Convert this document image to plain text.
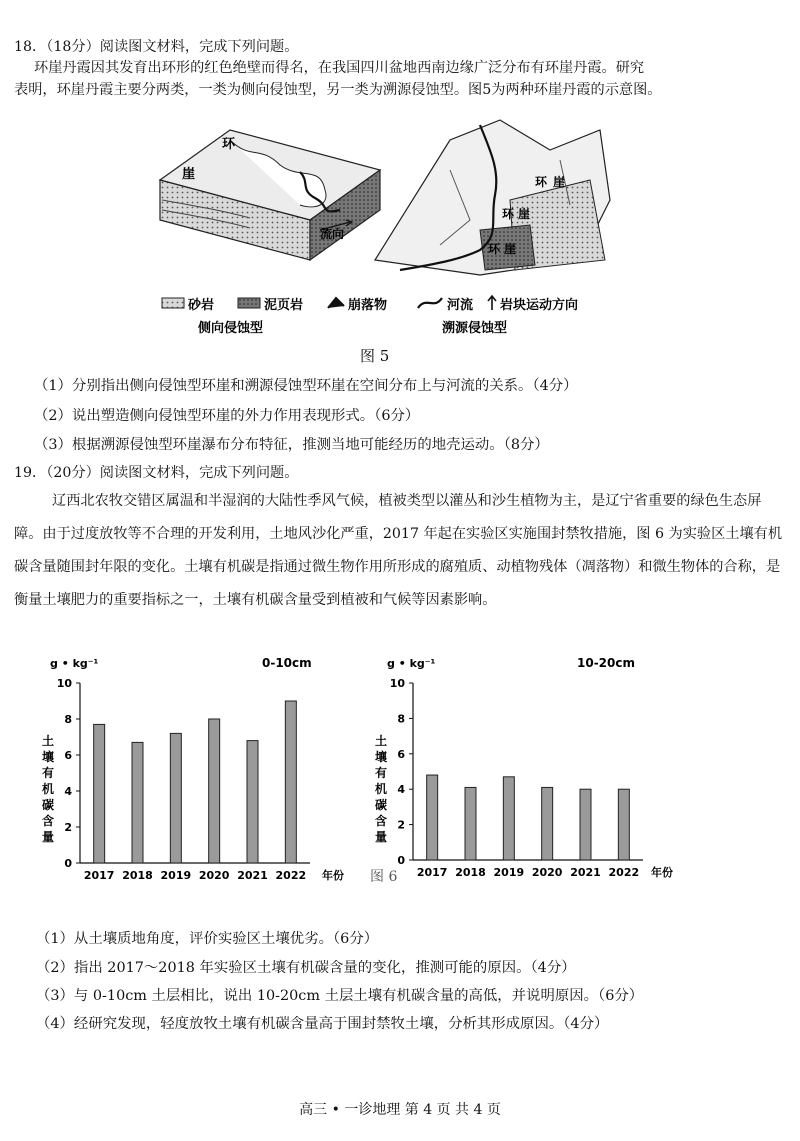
18．（18分）阅读图文材料，完成下列问题。
环崖丹霞因其发育出环形的红色绝壁而得名，在我国四川盆地西南边缘广泛分布有环崖丹霞。研究
表明，环崖丹霞主要分两类，一类为侧向侵蚀型，另一类为溯源侵蚀型。图5为两种环崖丹霞的示意图。
环
崖
流向
环 崖
环 崖
环 崖
砂岩	泥页岩	崩落物	河流 岩块运动方向
侧向侵蚀型	溯源侵蚀型
图 5
（1）分别指出侧向侵蚀型环崖和溯源侵蚀型环崖在空间分布上与河流的关系。（4分）
（2）说出塑造侧向侵蚀型环崖的外力作用表现形式。（6分）
（3）根据溯源侵蚀型环崖瀑布分布特征，推测当地可能经历的地壳运动。（8分）
19．（20分）阅读图文材料，完成下列问题。
辽西北农牧交错区属温和半湿润的大陆性季风气候，植被类型以灌丛和沙生植物为主，是辽宁省重要的绿色生态屏障。由于过度放牧等不合理的开发利用，土地风沙化严重，2017 年起在实验区实施围封禁牧措施，图 6 为实验区土壤有机碳含量随围封年限的变化。土壤有机碳是指通过微生物作用所形成的腐殖质、动植物残体（凋落物）和微生物体的合称，是衡量土壤肥力的重要指标之一，土壤有机碳含量受到植被和气候等因素影响。
g • kg⁻¹	0-10cm
0
2
4
6
8
10
土
壤
有
机
碳
含
量
2017 2018 2019 2020 2021 2022 年份
g • kg⁻¹	10-20cm
0
2
4
6
8
10
土
壤
有
机
碳
含
量
2017 2018 2019 2020 2021 2022 年份
图 6
（1）从土壤质地角度，评价实验区土壤优劣。（6分）
（2）指出 2017～2018 年实验区土壤有机碳含量的变化，推测可能的原因。（4分）
（3）与 0-10cm 土层相比，说出 10-20cm 土层土壤有机碳含量的高低，并说明原因。（6分）
（4）经研究发现，轻度放牧土壤有机碳含量高于围封禁牧土壤，分析其形成原因。（4分）
高三 • 一诊地理 第 4 页 共 4 页
